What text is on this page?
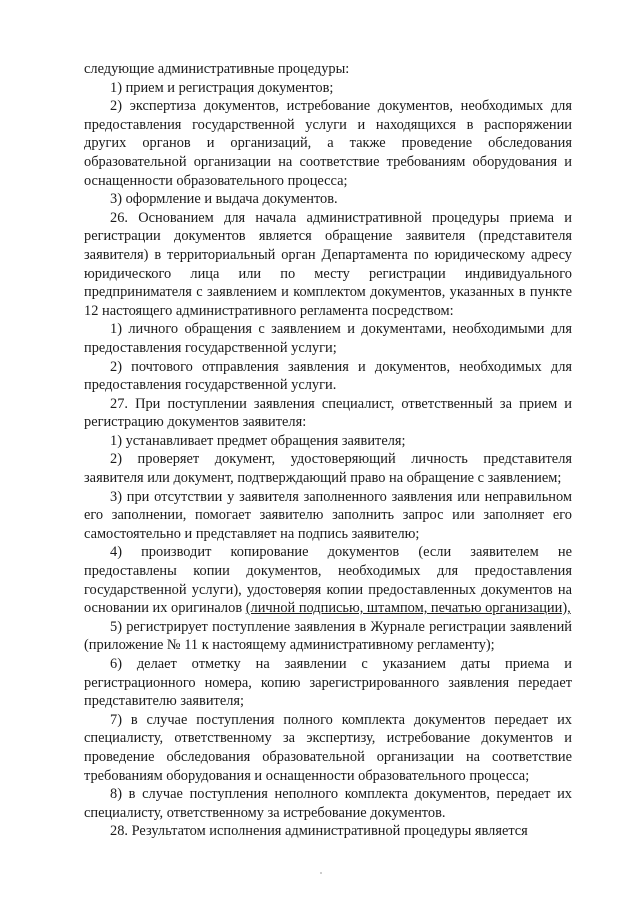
следующие административные процедуры:

1) прием и регистрация документов;

2) экспертиза документов, истребование документов, необходимых для предоставления государственной услуги и находящихся в распоряжении других органов и организаций, а также проведение обследования образовательной организации на соответствие требованиям оборудования и оснащенности образовательного процесса;

3) оформление и выдача документов.

26. Основанием для начала административной процедуры приема и регистрации документов является обращение заявителя (представителя заявителя) в территориальный орган Департамента по юридическому адресу юридического лица или по месту регистрации индивидуального предпринимателя с заявлением и комплектом документов, указанных в пункте 12 настоящего административного регламента посредством:

1) личного обращения с заявлением и документами, необходимыми для предоставления государственной услуги;

2) почтового отправления заявления и документов, необходимых для предоставления государственной услуги.

27. При поступлении заявления специалист, ответственный за прием и регистрацию документов заявителя:

1) устанавливает предмет обращения заявителя;

2) проверяет документ, удостоверяющий личность представителя заявителя или документ, подтверждающий право на обращение с заявлением;

3) при отсутствии у заявителя заполненного заявления или неправильном его заполнении, помогает заявителю заполнить запрос или заполняет его самостоятельно и представляет на подпись заявителю;

4) производит копирование документов (если заявителем не предоставлены копии документов, необходимых для предоставления государственной услуги), удостоверяя копии предоставленных документов на основании их оригиналов (личной подписью, штампом, печатью организации),

5) регистрирует поступление заявления в Журнале регистрации заявлений (приложение № 11 к настоящему административному регламенту);

6) делает отметку на заявлении с указанием даты приема и регистрационного номера, копию зарегистрированного заявления передает представителю заявителя;

7) в случае поступления полного комплекта документов передает их специалисту, ответственному за экспертизу, истребование документов и проведение обследования образовательной организации на соответствие требованиям оборудования и оснащенности образовательного процесса;

8) в случае поступления неполного комплекта документов, передает их специалисту, ответственному за истребование документов.

28. Результатом исполнения административной процедуры является
